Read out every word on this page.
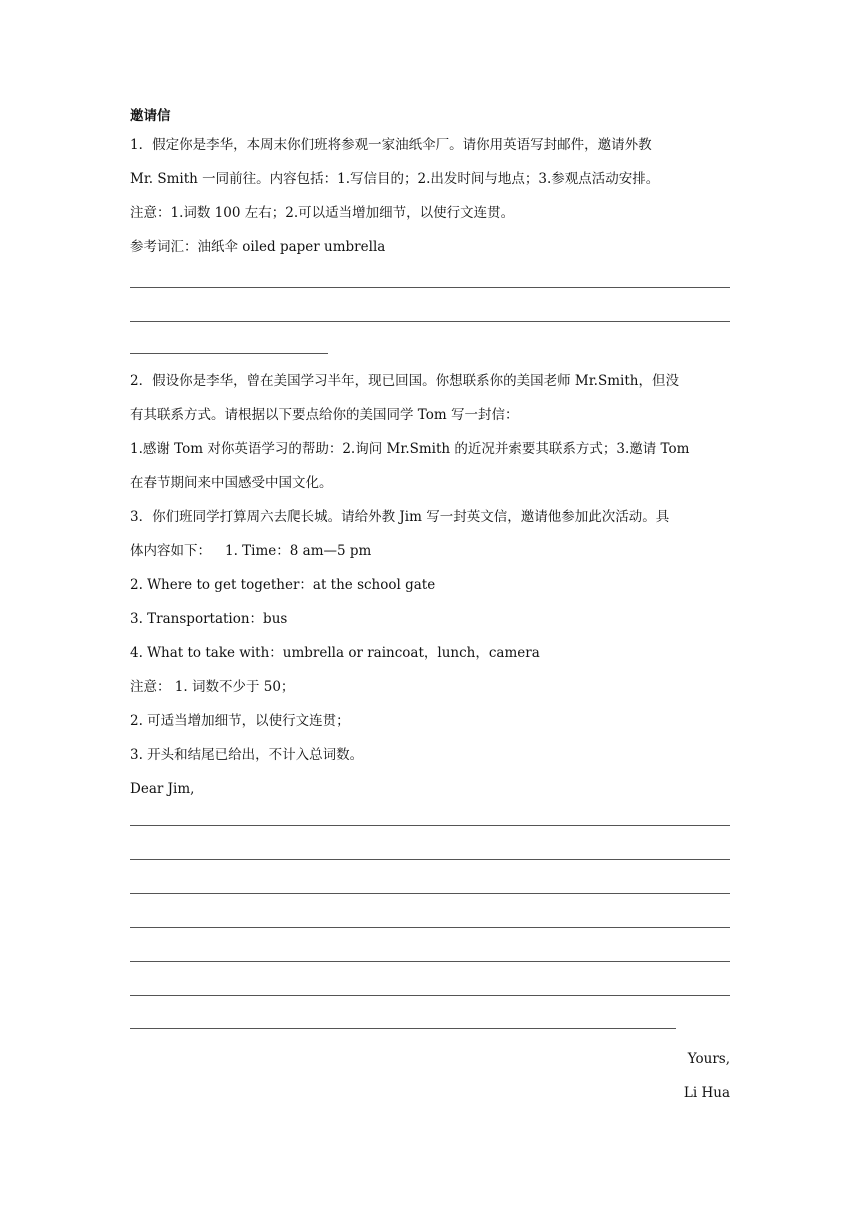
邀请信
1．假定你是李华，本周末你们班将参观一家油纸伞厂。请你用英语写封邮件，邀请外教
Mr. Smith 一同前往。内容包括：1.写信目的；2.出发时间与地点；3.参观点活动安排。
注意：1.词数 100 左右；2.可以适当增加细节，以使行文连贯。
参考词汇：油纸伞 oiled paper umbrella
2．假设你是李华，曾在美国学习半年，现已回国。你想联系你的美国老师 Mr.Smith，但没
有其联系方式。请根据以下要点给你的美国同学 Tom 写一封信：
1.感谢 Tom 对你英语学习的帮助：2.询问 Mr.Smith 的近况并索要其联系方式；3.邀请 Tom
在春节期间来中国感受中国文化。
3．你们班同学打算周六去爬长城。请给外教 Jim 写一封英文信，邀请他参加此次活动。具
体内容如下： 1. Time：8 am—5 pm
2. Where to get together：at the school gate
3. Transportation：bus
4. What to take with：umbrella or raincoat，lunch，camera
注意： 1. 词数不少于 50；
2. 可适当增加细节，以使行文连贯；
3. 开头和结尾已给出，不计入总词数。
Dear Jim,
Yours,
Li Hua
